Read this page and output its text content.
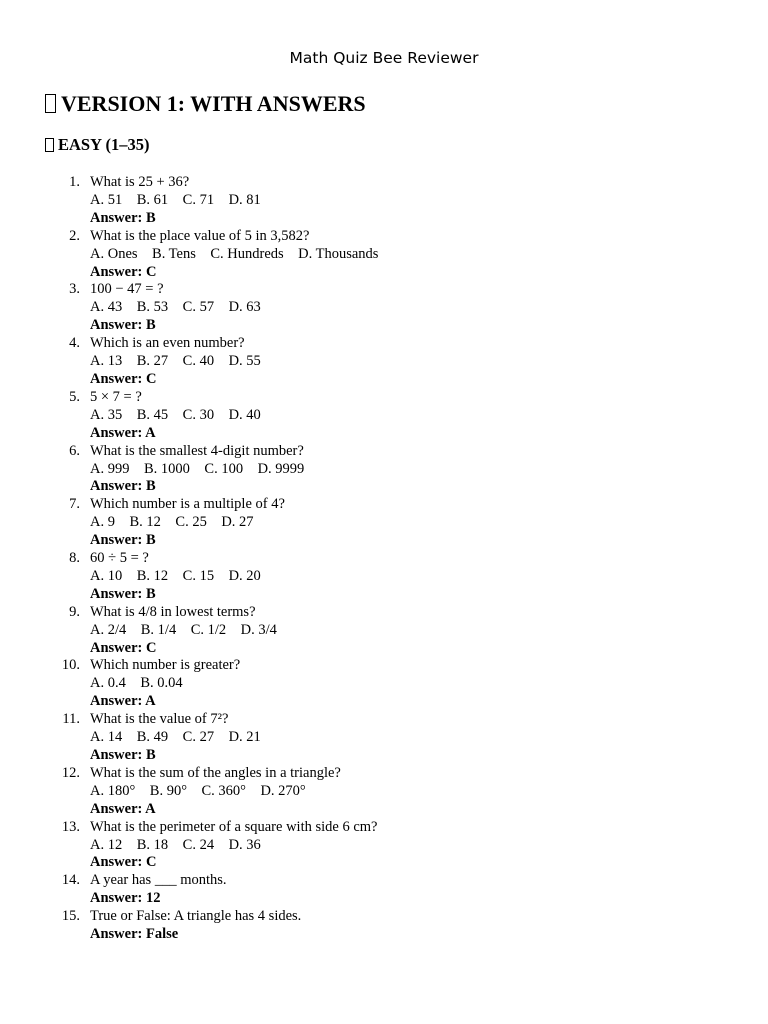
Math Quiz Bee Reviewer
VERSION 1: WITH ANSWERS
EASY (1–35)
1. What is 25 + 36?
A. 51    B. 61    C. 71    D. 81
Answer: B
2. What is the place value of 5 in 3,582?
A. Ones    B. Tens    C. Hundreds    D. Thousands
Answer: C
3. 100 − 47 = ?
A. 43    B. 53    C. 57    D. 63
Answer: B
4. Which is an even number?
A. 13    B. 27    C. 40    D. 55
Answer: C
5. 5 × 7 = ?
A. 35    B. 45    C. 30    D. 40
Answer: A
6. What is the smallest 4-digit number?
A. 999    B. 1000    C. 100    D. 9999
Answer: B
7. Which number is a multiple of 4?
A. 9    B. 12    C. 25    D. 27
Answer: B
8. 60 ÷ 5 = ?
A. 10    B. 12    C. 15    D. 20
Answer: B
9. What is 4/8 in lowest terms?
A. 2/4    B. 1/4    C. 1/2    D. 3/4
Answer: C
10. Which number is greater?
A. 0.4    B. 0.04
Answer: A
11. What is the value of 7²?
A. 14    B. 49    C. 27    D. 21
Answer: B
12. What is the sum of the angles in a triangle?
A. 180°    B. 90°    C. 360°    D. 270°
Answer: A
13. What is the perimeter of a square with side 6 cm?
A. 12    B. 18    C. 24    D. 36
Answer: C
14. A year has ___ months.
Answer: 12
15. True or False: A triangle has 4 sides.
Answer: False
